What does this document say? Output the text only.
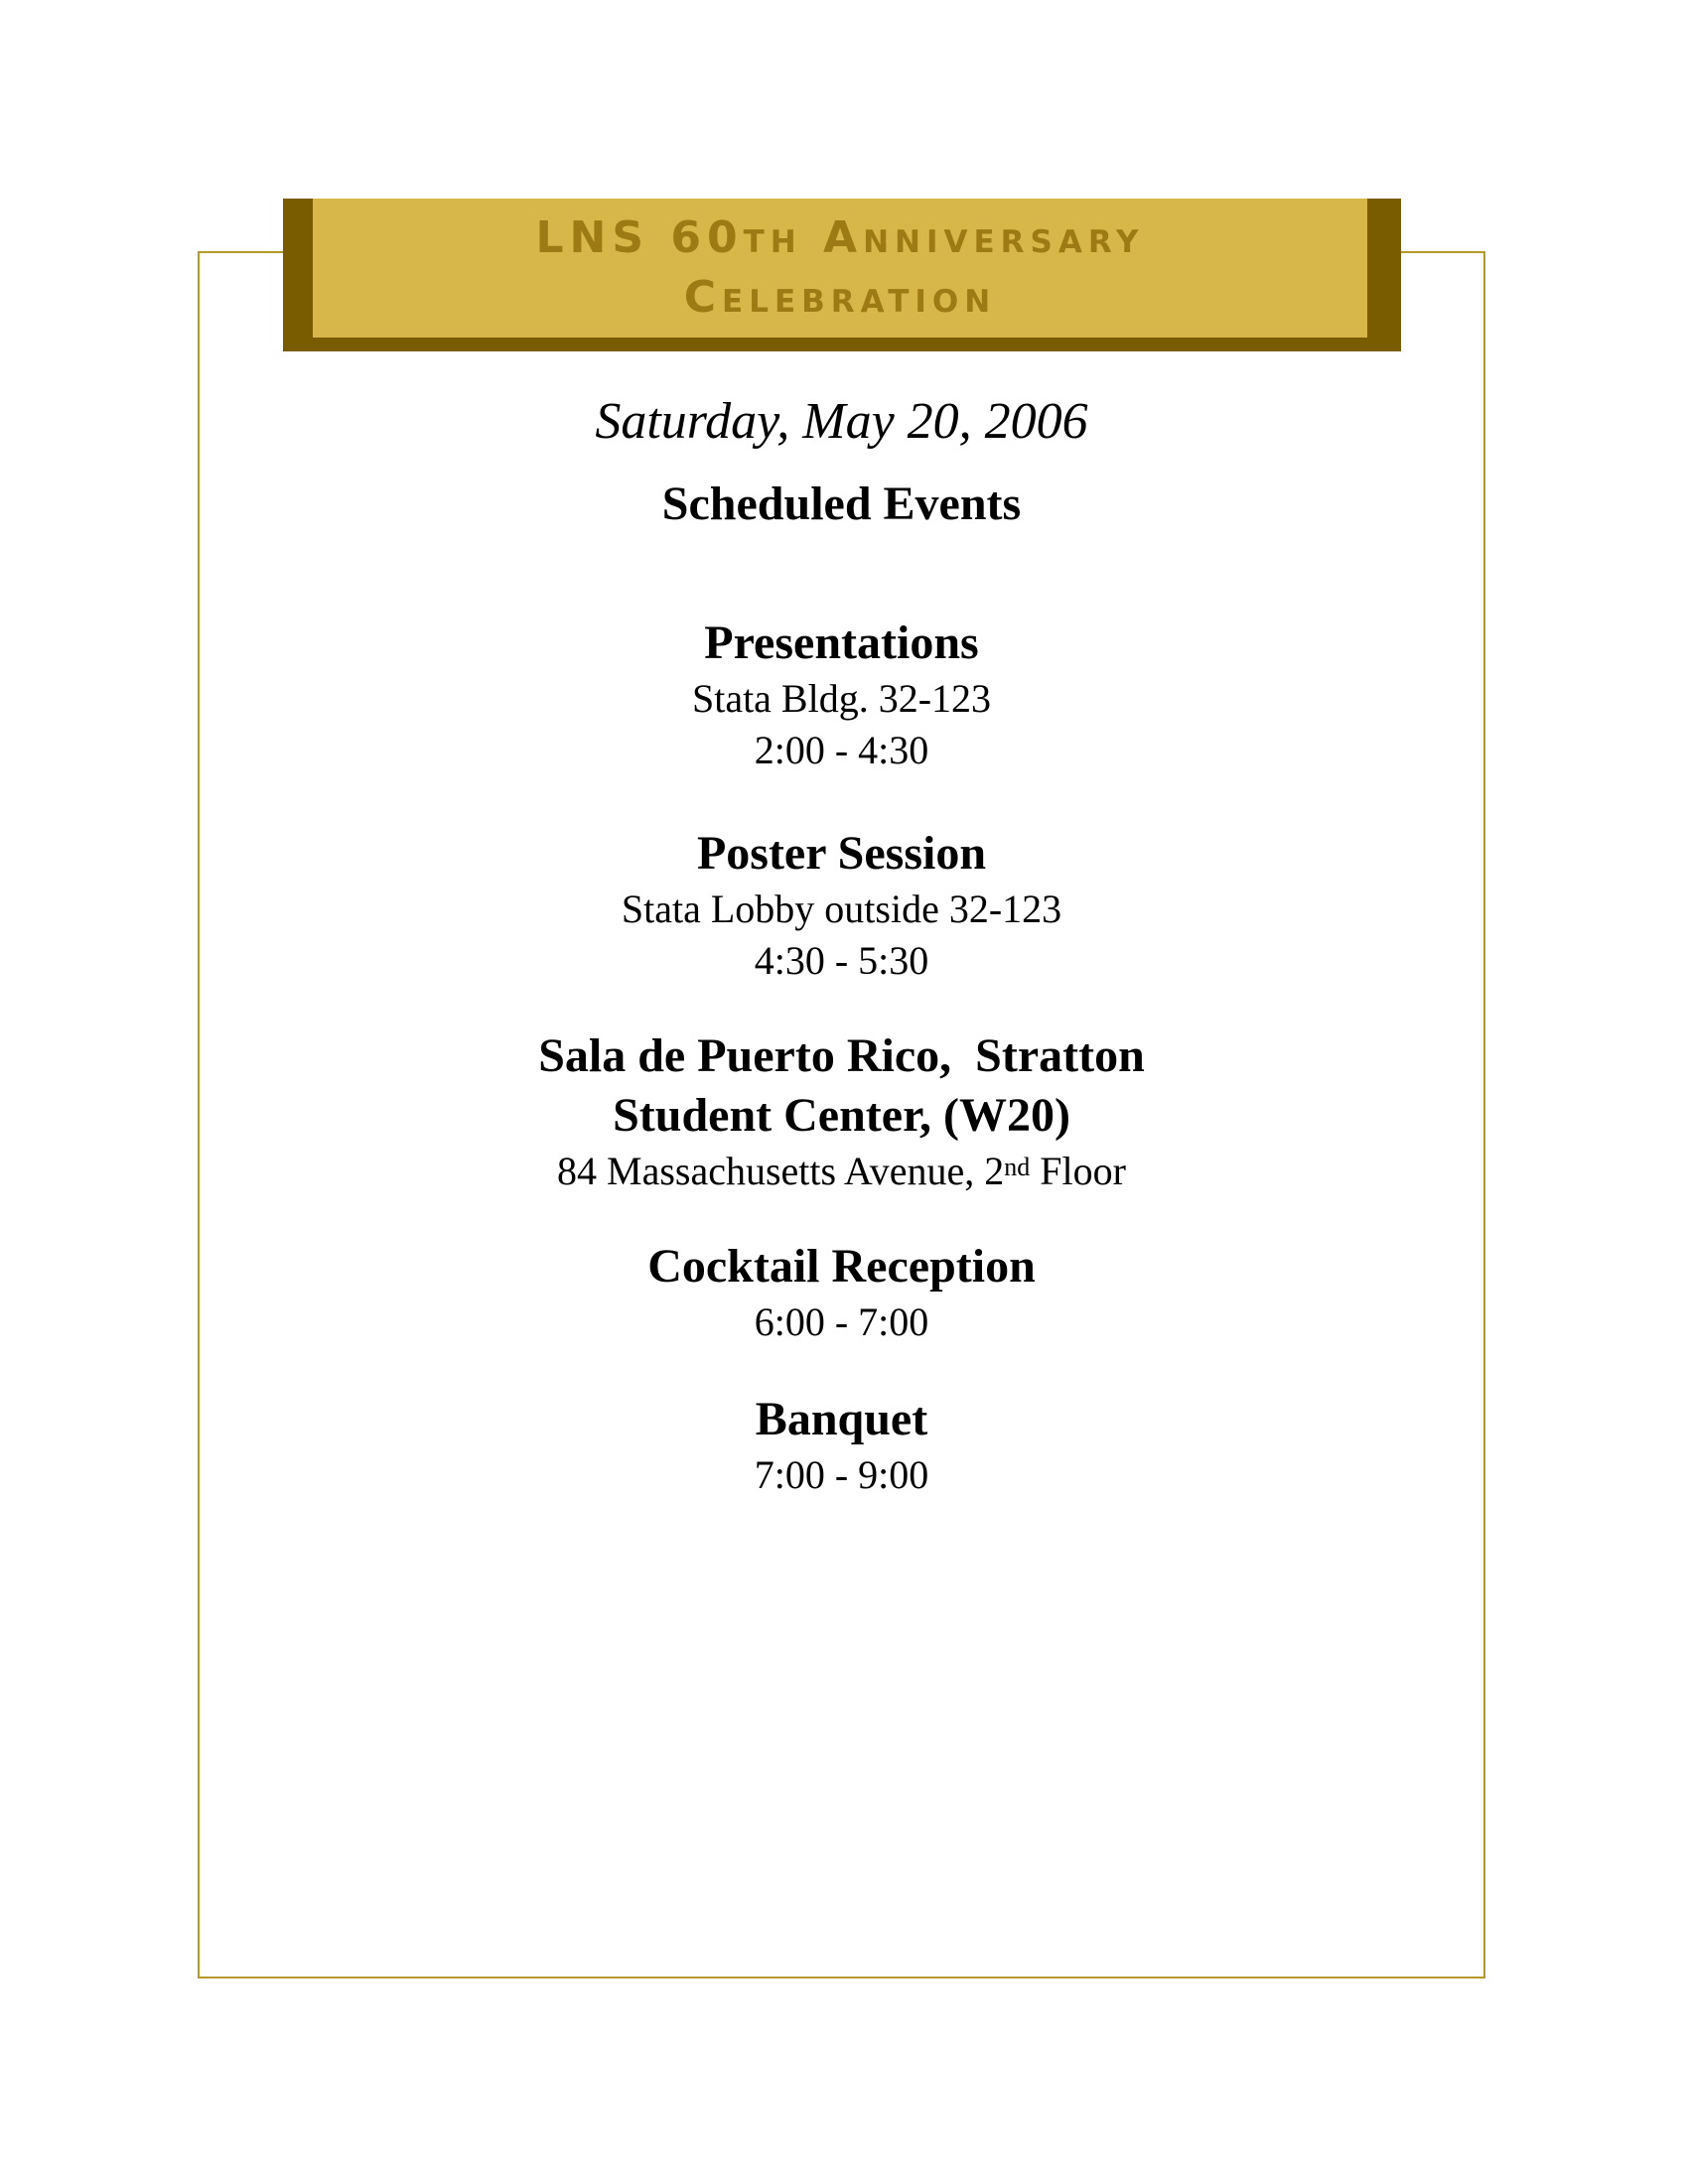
LNS 60th Anniversary

Celebration

Saturday, May 20, 2006
Scheduled Events

Presentations

Stata Bldg. 32-123

2:00 - 4:30

Poster Session

Stata Lobby outside 32-123

4:30 - 5:30

Sala de Puerto Rico,  Stratton

Student Center, (W20)

84 Massachusetts Avenue, 2nd Floor

Cocktail Reception

6:00 - 7:00

Banquet

7:00 - 9:00
